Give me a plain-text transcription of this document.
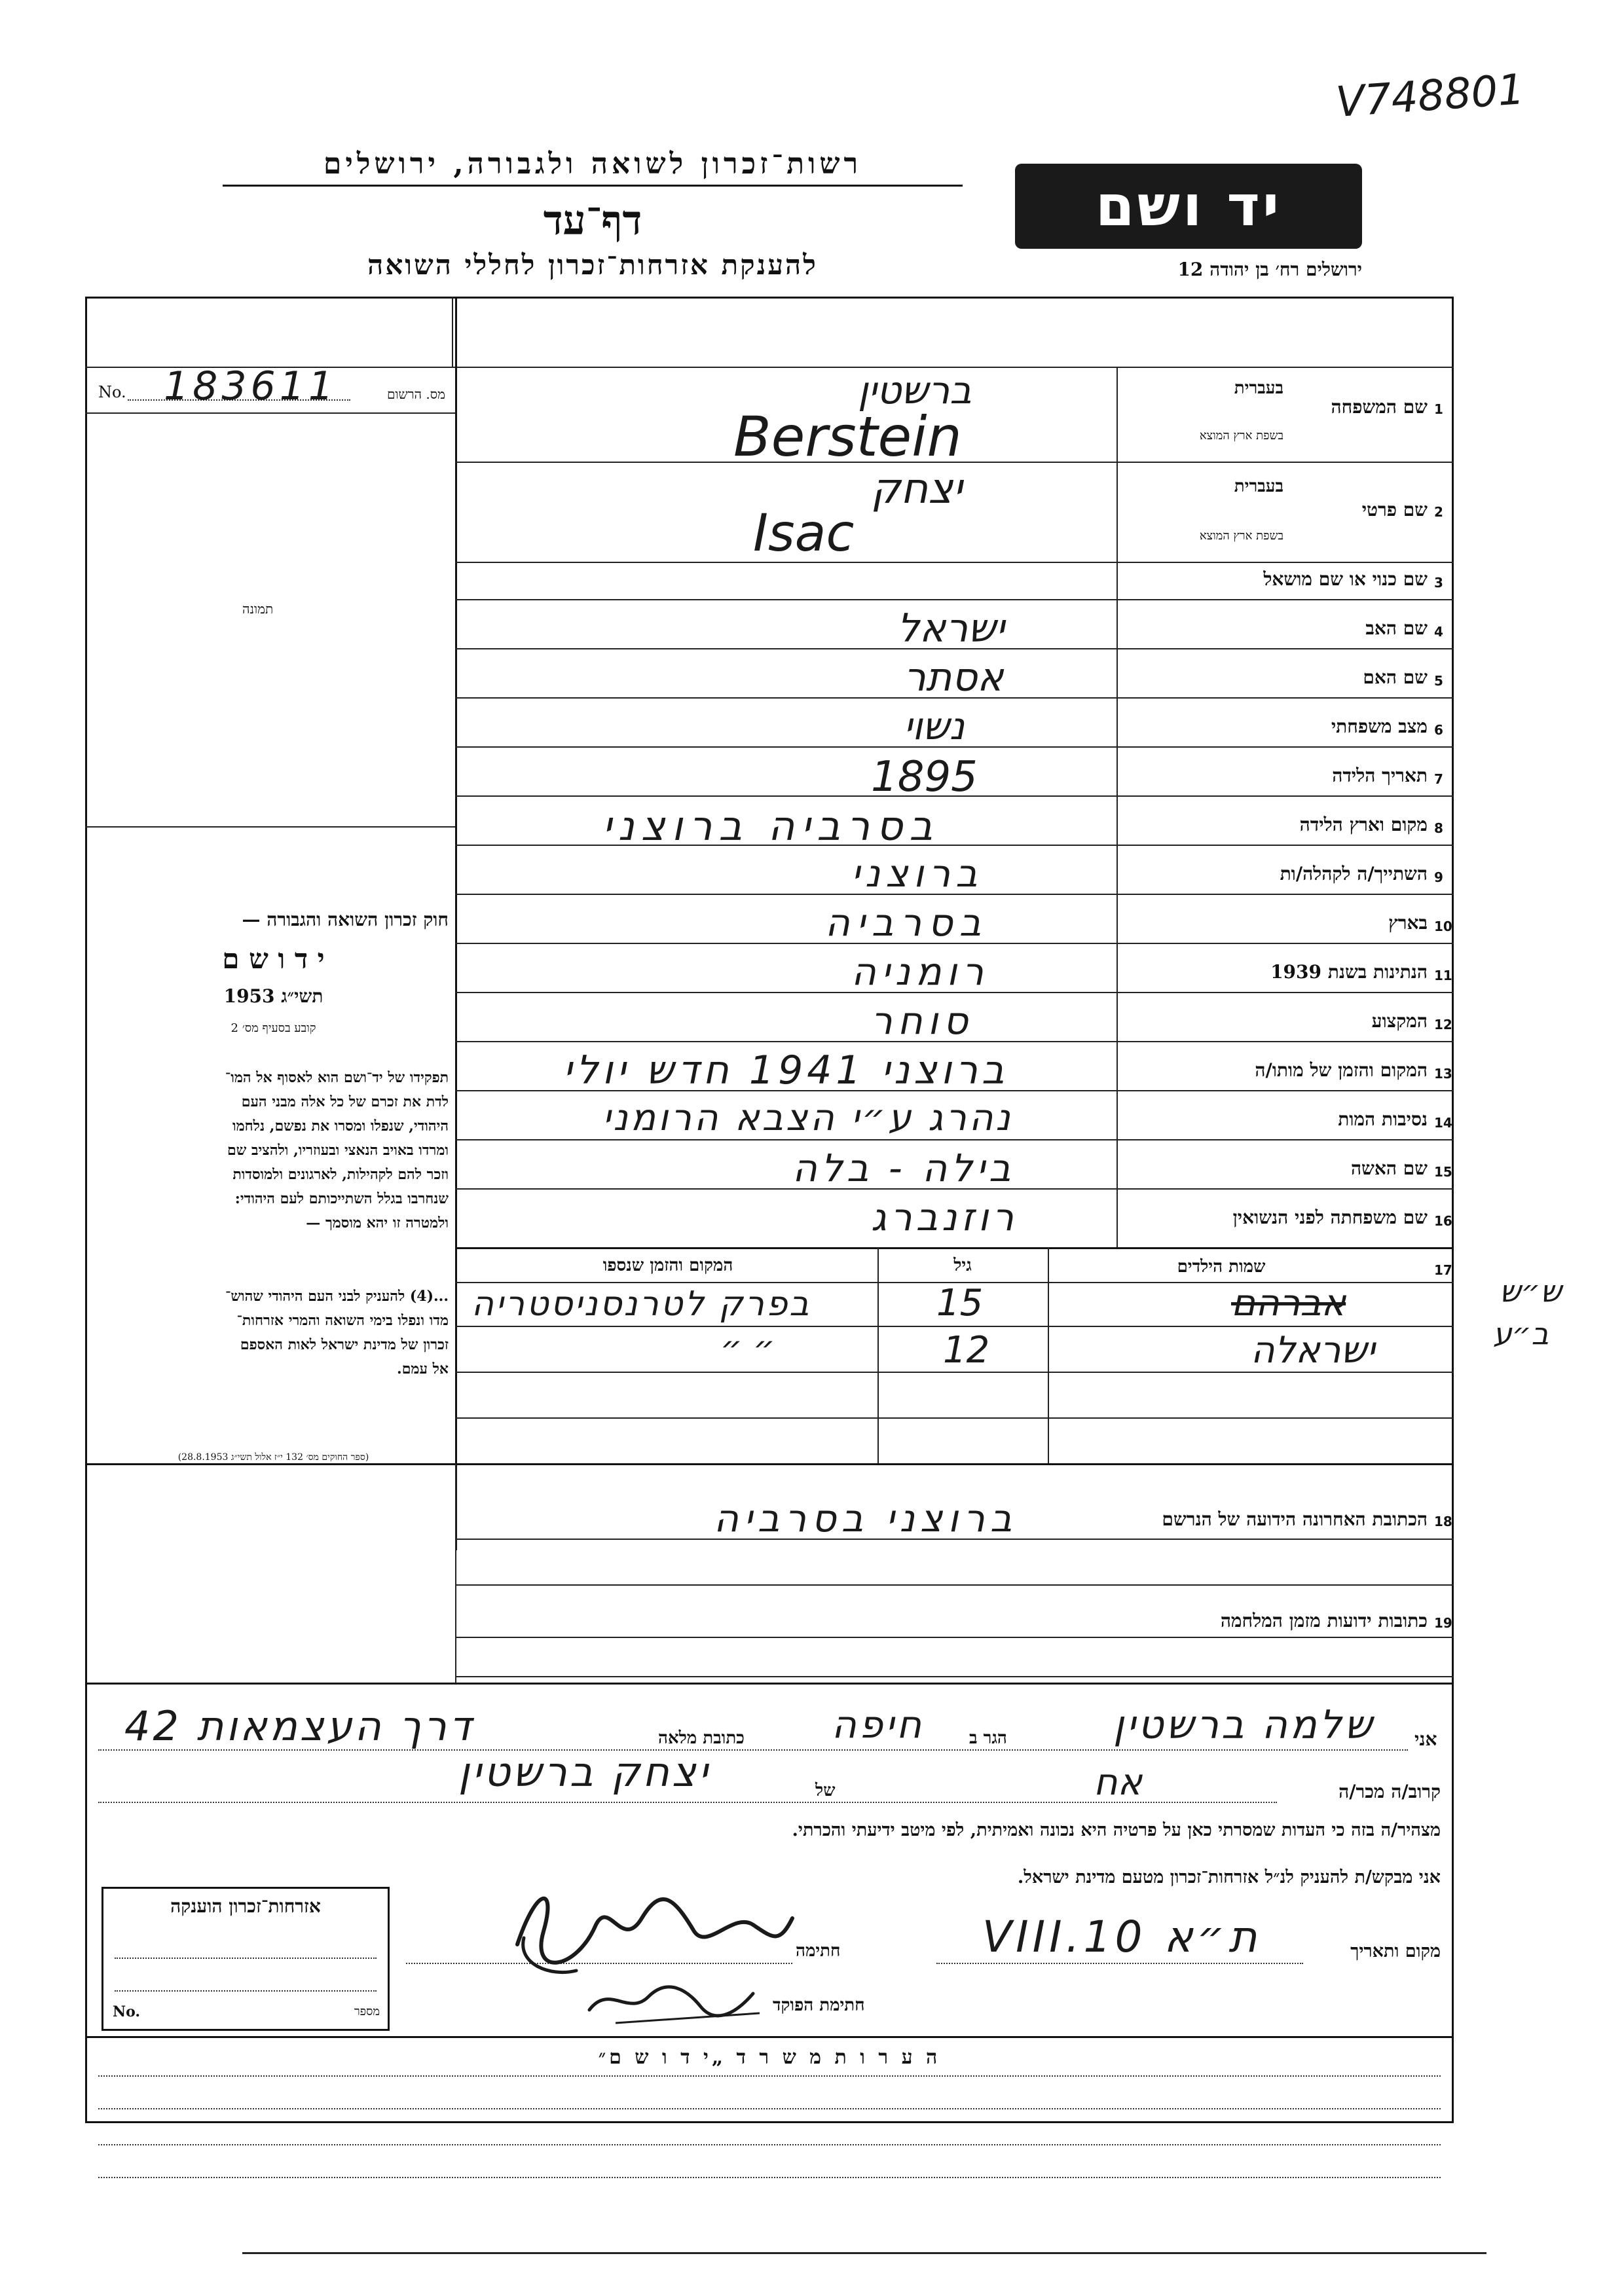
V748801
רשות־זכרון לשואה ולגבורה, ירושלים
דף־עד
להענקת אזרחות־זכרון לחללי השואה
יד ושם
ירושלים רח׳ בן יהודה 12
No. 183611	מס. הרשום
תמונה
חוק זכרון השואה והגבורה —
י ד ו ש ם
תשי״ג 1953
קובע בסעיף מס׳ 2
תפקידו של יד־ושם הוא לאסוף אל המו־
לדת את זכרם של כל אלה מבני העם
היהודי, שנפלו ומסרו את נפשם, נלחמו
ומרדו באויב הנאצי ובעוזריו, ולהציב שם
וזכר להם לקהילות, לארגונים ולמוסדות
שנחרבו בגלל השתייכותם לעם היהודי:
ולמטרה זו יהא מוסמך —
...(4) להעניק לבני העם היהודי שהוש־
מדו ונפלו בימי השואה והמרי אזרחות־
זכרון של מדינת ישראל לאות האספם
אל עמם.
(ספר החוקים מס׳ 132 י״ז אלול תשי״ג 28.8.1953)
1
שם המשפחה
בעברית
בשפת ארץ המוצא
ברשטין
Berstein
2
שם פרטי
בעברית
בשפת ארץ המוצא
יצחק
Isac
3
שם כנוי או שם מושאל
4
שם האב
ישראל
5
שם האם
אסתר
6
מצב משפחתי
נשוי
7
תאריך הלידה
1895
8
מקום וארץ הלידה
בסרביה ברוצני
9
השתייך/ה לקהלה/ות
ברוצני
10
בארץ
בסרביה
11
הנתינות בשנת 1939
רומניה
12
המקצוע
סוחר
13
המקום והזמן של מותו/ה
ברוצני 1941 חדש יולי
14
נסיבות המות
נהרג ע״י הצבא הרומני
15
שם האשה
בילה - בלה
16
שם משפחתה לפני הנשואין
רוזנברג
17
שמות הילדים
גיל
המקום והזמן שנספו
אברהם
15
בפרק לטרנסניסטריה
ישראלה
12
״ ״
ש״ש
ב״ע
18
הכתובת האחרונה הידועה של הנרשם
ברוצני בסרביה
19
כתובות ידועות מזמן המלחמה
אני
שלמה ברשטין
הגר ב
חיפה
כתובת מלאה
דרך העצמאות 42
קרוב/ה מכר/ה
אח
של
יצחק ברשטין
מצהיר/ה בזה כי העדות שמסרתי כאן על פרטיה היא נכונה ואמיתית, לפי מיטב ידיעתי והכרתי.
אני מבקש/ת להעניק לנ״ל אזרחות־זכרון מטעם מדינת ישראל.
אזרחות־זכרון הוענקה
No.	מספר
מקום ותאריך
ת״א 10.VIII
חתימה
חתימת הפוקד
ה ע ר ו ת מ ש ר ד „י ד ו ש ם״
